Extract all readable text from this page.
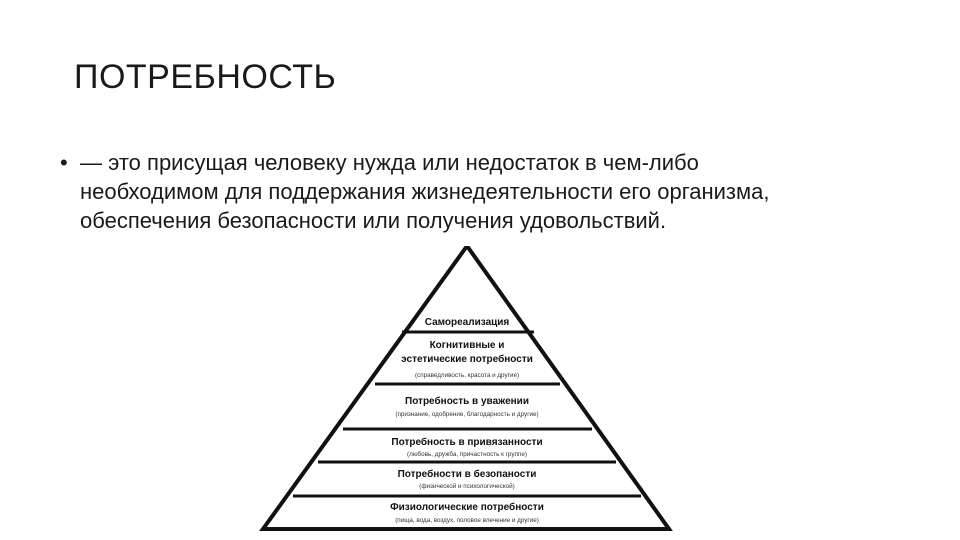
ПОТРЕБНОСТЬ
• — это присущая человеку нужда или недостаток в чем-либо необходимом для поддержания жизнедеятельности его организма, обеспечения безопасности или получения удовольствий.
Самореализация
Когнитивные и
эстетические потребности
(справедливость, красота и другие)
Потребность в уважении
(признание, одобрение, благодарность и другие)
Потребность в привязанности
(любовь, дружба, причастность к группе)
Потребности в безопаности
(физической и психологической)
Физиологические потребности
(пища, вода, воздух, половое влечение и другие)
